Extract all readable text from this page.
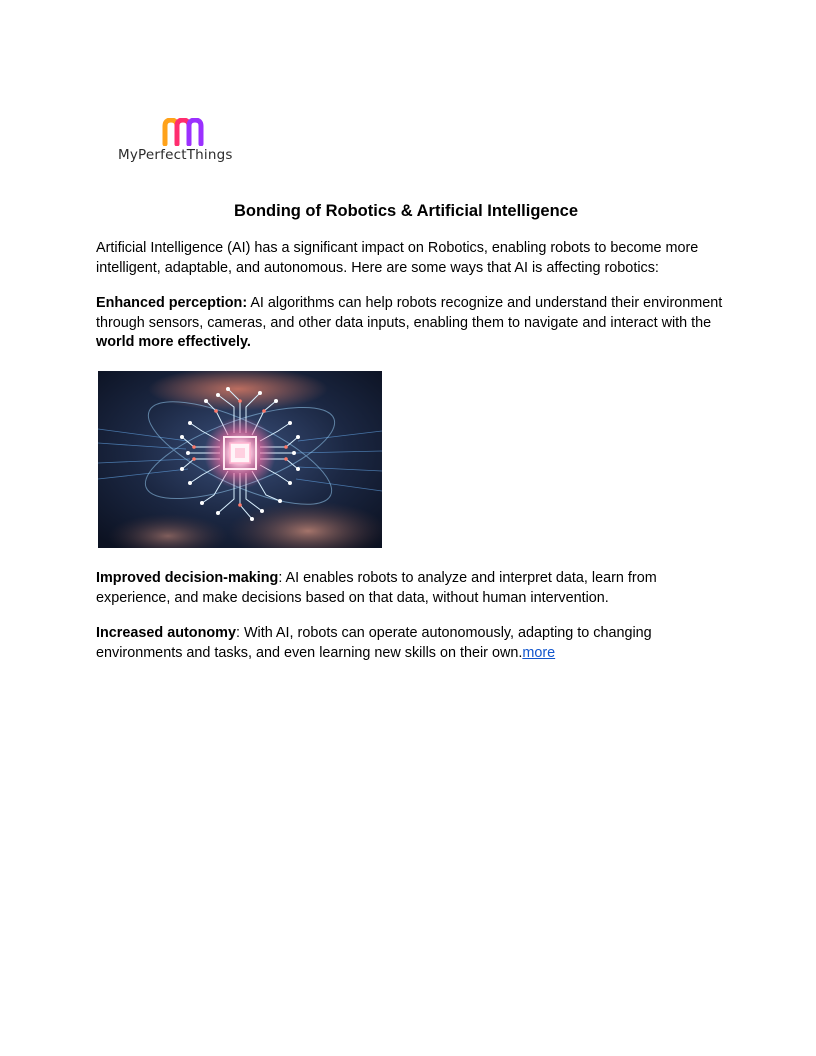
MyPerfectThings
Bonding of Robotics & Artificial Intelligence

Artificial Intelligence (AI) has a significant impact on Robotics, enabling robots to become more intelligent, adaptable, and autonomous. Here are some ways that AI is affecting robotics:

Enhanced perception: AI algorithms can help robots recognize and understand their environment through sensors, cameras, and other data inputs, enabling them to navigate and interact with the world more effectively.

Improved decision-making: AI enables robots to analyze and interpret data, learn from experience, and make decisions based on that data, without human intervention.

Increased autonomy: With AI, robots can operate autonomously, adapting to changing environments and tasks, and even learning new skills on their own.more
